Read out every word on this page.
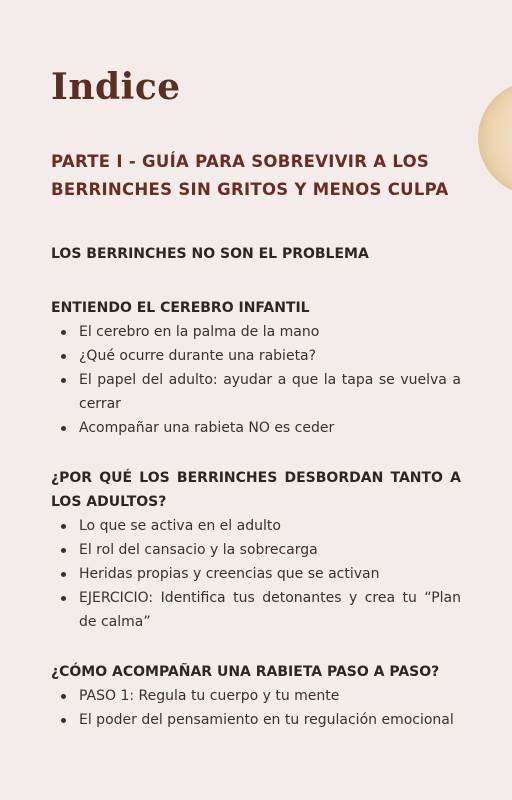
Indice
PARTE I - GUÍA PARA SOBREVIVIR A LOS BERRINCHES SIN GRITOS Y MENOS CULPA
LOS BERRINCHES NO SON EL PROBLEMA
ENTIENDO EL CEREBRO INFANTIL
El cerebro en la palma de la mano
¿Qué ocurre durante una rabieta?
El papel del adulto: ayudar a que la tapa se vuelva a cerrar
Acompañar una rabieta NO es ceder
¿POR QUÉ LOS BERRINCHES DESBORDAN TANTO A LOS ADULTOS?
Lo que se activa en el adulto
El rol del cansacio y la sobrecarga
Heridas propias y creencias que se activan
EJERCICIO: Identifica tus detonantes y crea tu “Plan de calma”
¿CÓMO ACOMPAÑAR UNA RABIETA PASO A PASO?
PASO 1: Regula tu cuerpo y tu mente
El poder del pensamiento en tu regulación emocional
